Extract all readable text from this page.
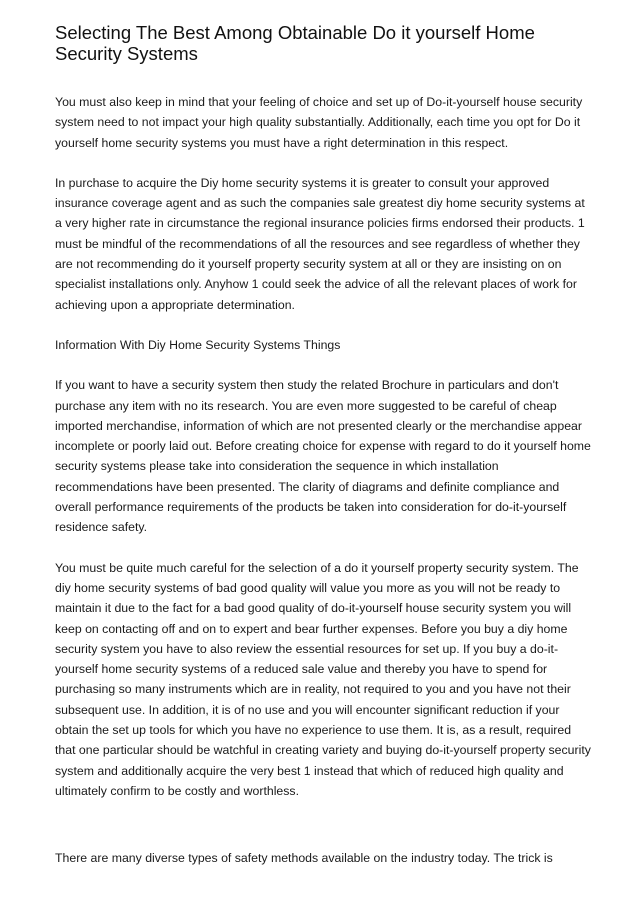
Selecting The Best Among Obtainable Do it yourself Home Security Systems

You must also keep in mind that your feeling of choice and set up of Do-it-yourself house security system need to not impact your high quality substantially. Additionally, each time you opt for Do it yourself home security systems you must have a right determination in this respect.

In purchase to acquire the Diy home security systems it is greater to consult your approved insurance coverage agent and as such the companies sale greatest diy home security systems at a very higher rate in circumstance the regional insurance policies firms endorsed their products. 1 must be mindful of the recommendations of all the resources and see regardless of whether they are not recommending do it yourself property security system at all or they are insisting on on specialist installations only. Anyhow 1 could seek the advice of all the relevant places of work for achieving upon a appropriate determination.

Information With Diy Home Security Systems Things

If you want to have a security system then study the related Brochure in particulars and don't purchase any item with no its research. You are even more suggested to be careful of cheap imported merchandise, information of which are not presented clearly or the merchandise appear incomplete or poorly laid out. Before creating choice for expense with regard to do it yourself home security systems please take into consideration the sequence in which installation recommendations have been presented. The clarity of diagrams and definite compliance and overall performance requirements of the products be taken into consideration for do-it-yourself residence safety.

You must be quite much careful for the selection of a do it yourself property security system. The diy home security systems of bad good quality will value you more as you will not be ready to maintain it due to the fact for a bad good quality of do-it-yourself house security system you will keep on contacting off and on to expert and bear further expenses. Before you buy a diy home security system you have to also review the essential resources for set up. If you buy a do-it-yourself home security systems of a reduced sale value and thereby you have to spend for purchasing so many instruments which are in reality, not required to you and you have not their subsequent use. In addition, it is of no use and you will encounter significant reduction if your obtain the set up tools for which you have no experience to use them. It is, as a result, required that one particular should be watchful in creating variety and buying do-it-yourself property security system and additionally acquire the very best 1 instead that which of reduced high quality and ultimately confirm to be costly and worthless.

There are many diverse types of safety methods available on the industry today. The trick is
